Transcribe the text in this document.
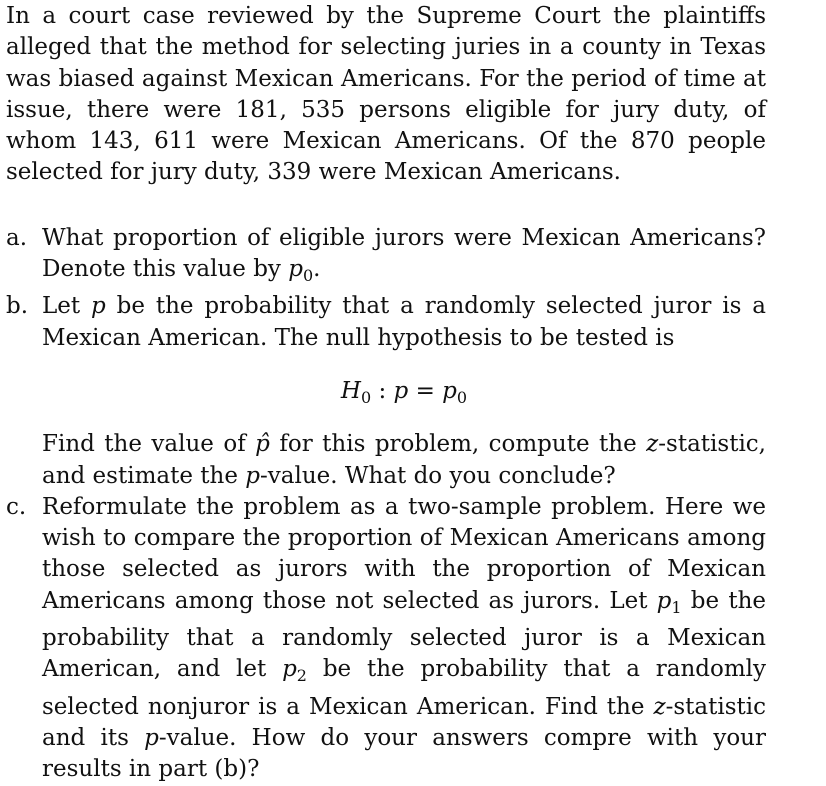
In a court case reviewed by the Supreme Court the plaintiffs alleged that the method for selecting juries in a county in Texas was biased against Mexican Americans. For the period of time at issue, there were 181, 535 persons eligible for jury duty, of whom 143, 611 were Mexican Americans. Of the 870 people selected for jury duty, 339 were Mexican Americans.

a. What proportion of eligible jurors were Mexican Americans? Denote this value by $p_0$.

b. Let p be the probability that a randomly selected juror is a Mexican American. The null hypothesis to be tested is

$H_0$ : $p = p_0$

Find the value of p̂ for this problem, compute the z-statistic, and estimate the p-value. What do you conclude?

c. Reformulate the problem as a two-sample problem. Here we wish to compare the proportion of Mexican Americans among those selected as jurors with the proportion of Mexican Americans among those not selected as jurors. Let $p_1$ be the probability that a randomly selected juror is a Mexican American, and let $p_2$ be the probability that a randomly selected nonjuror is a Mexican American. Find the z-statistic and its p-value. How do your answers compre with your results in part (b)?
